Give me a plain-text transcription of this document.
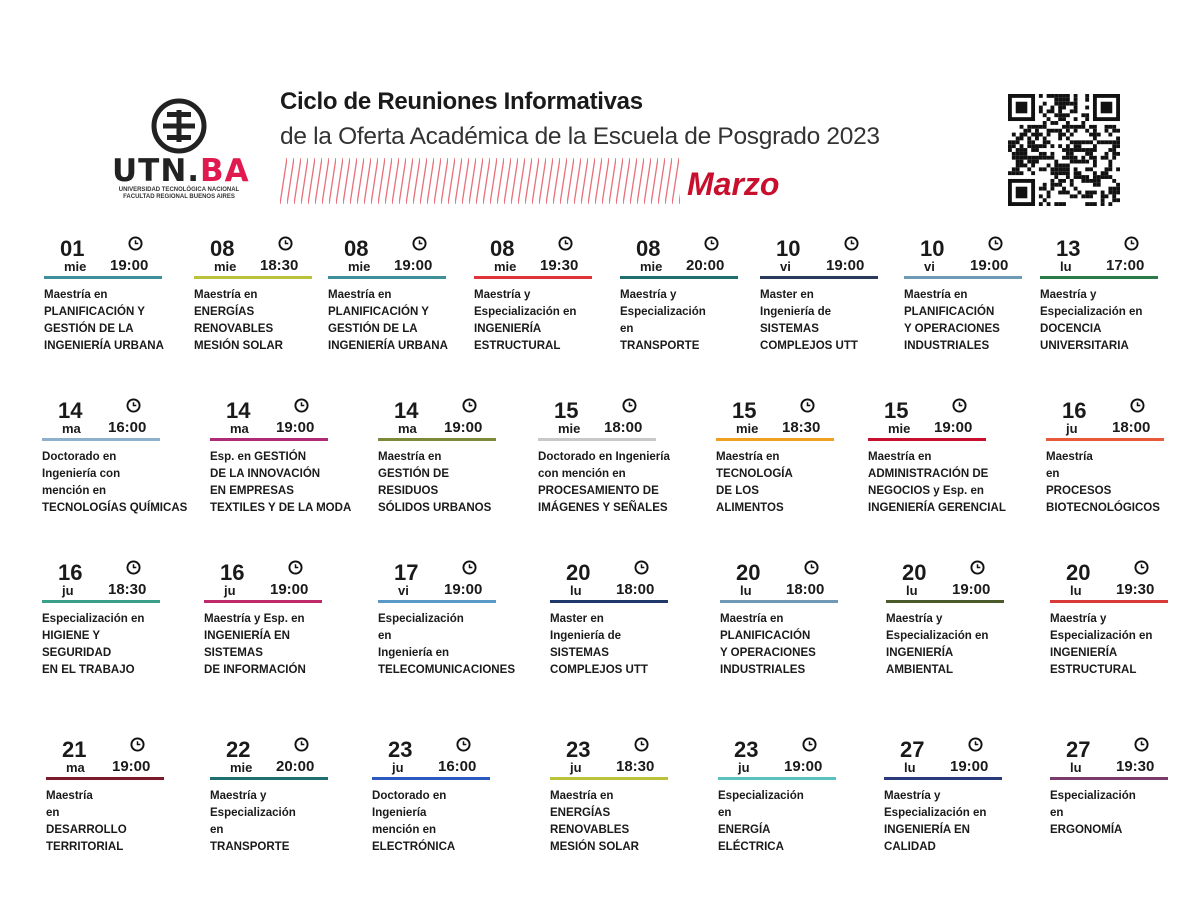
UTN.BA
UNIVERSIDAD TECNOLÓGICA NACIONAL
FACULTAD REGIONAL BUENOS AIRES
Ciclo de Reuniones Informativas
de la Oferta Académica de la Escuela de Posgrado 2023
Marzo
01
mie 19:00
Maestría en
PLANIFICACIÓN Y
GESTIÓN DE LA
INGENIERÍA URBANA
08
mie 18:30
Maestría en
ENERGÍAS
RENOVABLES
MESIÓN SOLAR
08
mie 19:00
Maestría en
PLANIFICACIÓN Y
GESTIÓN DE LA
INGENIERÍA URBANA
08
mie 19:30
Maestría y
Especialización en
INGENIERÍA
ESTRUCTURAL
08
mie 20:00
Maestría y
Especialización
en
TRANSPORTE
10
vi 19:00
Master en
Ingeniería de
SISTEMAS
COMPLEJOS UTT
10
vi 19:00
Maestría en
PLANIFICACIÓN
Y OPERACIONES
INDUSTRIALES
13
lu 17:00
Maestría y
Especialización en
DOCENCIA
UNIVERSITARIA
14
ma 16:00
Doctorado en
Ingeniería con
mención en
TECNOLOGÍAS QUÍMICAS
14
ma 19:00
Esp. en GESTIÓN
DE LA INNOVACIÓN
EN EMPRESAS
TEXTILES Y DE LA MODA
14
ma 19:00
Maestría en
GESTIÓN DE
RESIDUOS
SÓLIDOS URBANOS
15
mie 18:00
Doctorado en Ingeniería
con mención en
PROCESAMIENTO DE
IMÁGENES Y SEÑALES
15
mie 18:30
Maestría en
TECNOLOGÍA
DE LOS
ALIMENTOS
15
mie 19:00
Maestría en
ADMINISTRACIÓN DE
NEGOCIOS y Esp. en
INGENIERÍA GERENCIAL
16
ju 18:00
Maestría
en
PROCESOS
BIOTECNOLÓGICOS
16
ju 18:30
Especialización en
HIGIENE Y
SEGURIDAD
EN EL TRABAJO
16
ju 19:00
Maestría y Esp. en
INGENIERÍA EN
SISTEMAS
DE INFORMACIÓN
17
vi 19:00
Especialización
en
Ingeniería en
TELECOMUNICACIONES
20
lu 18:00
Master en
Ingeniería de
SISTEMAS
COMPLEJOS UTT
20
lu 18:00
Maestría en
PLANIFICACIÓN
Y OPERACIONES
INDUSTRIALES
20
lu 19:00
Maestría y
Especialización en
INGENIERÍA
AMBIENTAL
20
lu 19:30
Maestría y
Especialización en
INGENIERÍA
ESTRUCTURAL
21
ma 19:00
Maestría
en
DESARROLLO
TERRITORIAL
22
mie 20:00
Maestría y
Especialización
en
TRANSPORTE
23
ju 16:00
Doctorado en
Ingeniería
mención en
ELECTRÓNICA
23
ju 18:30
Maestría en
ENERGÍAS
RENOVABLES
MESIÓN SOLAR
23
ju 19:00
Especialización
en
ENERGÍA
ELÉCTRICA
27
lu 19:00
Maestría y
Especialización en
INGENIERÍA EN
CALIDAD
27
lu 19:30
Especialización
en
ERGONOMÍA
